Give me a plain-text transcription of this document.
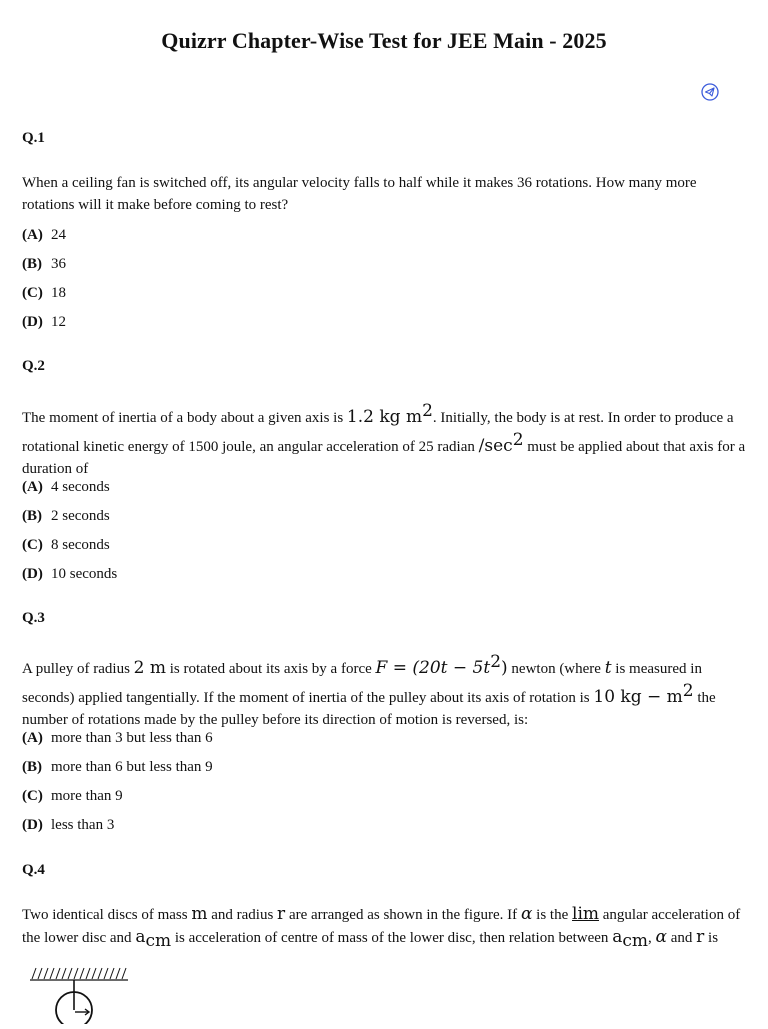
Quizrr Chapter-Wise Test for JEE Main - 2025
Q.1
When a ceiling fan is switched off, its angular velocity falls to half while it makes 36 rotations. How many more rotations will it make before coming to rest?
(A) 24
(B) 36
(C) 18
(D) 12
Q.2
The moment of inertia of a body about a given axis is 1.2 kg $m^2$. Initially, the body is at rest. In order to produce a rotational kinetic energy of 1500 joule, an angular acceleration of 25 radian $/\sec^2$ must be applied about that axis for a duration of
(A) 4 seconds
(B) 2 seconds
(C) 8 seconds
(D) 10 seconds
Q.3
A pulley of radius 2 m is rotated about its axis by a force $F = (20t - 5t^2)$ newton (where t is measured in seconds) applied tangentially. If the moment of inertia of the pulley about its axis of rotation is 10 kg − $m^2$ the number of rotations made by the pulley before its direction of motion is reversed, is:
(A) more than 3 but less than 6
(B) more than 6 but less than 9
(C) more than 9
(D) less than 3
Q.4
Two identical discs of mass m and radius r are arranged as shown in the figure. If α is the lim angular acceleration of the lower disc and $a_{cm}$ is acceleration of centre of mass of the lower disc, then relation between $a_{cm}$, α and r is
